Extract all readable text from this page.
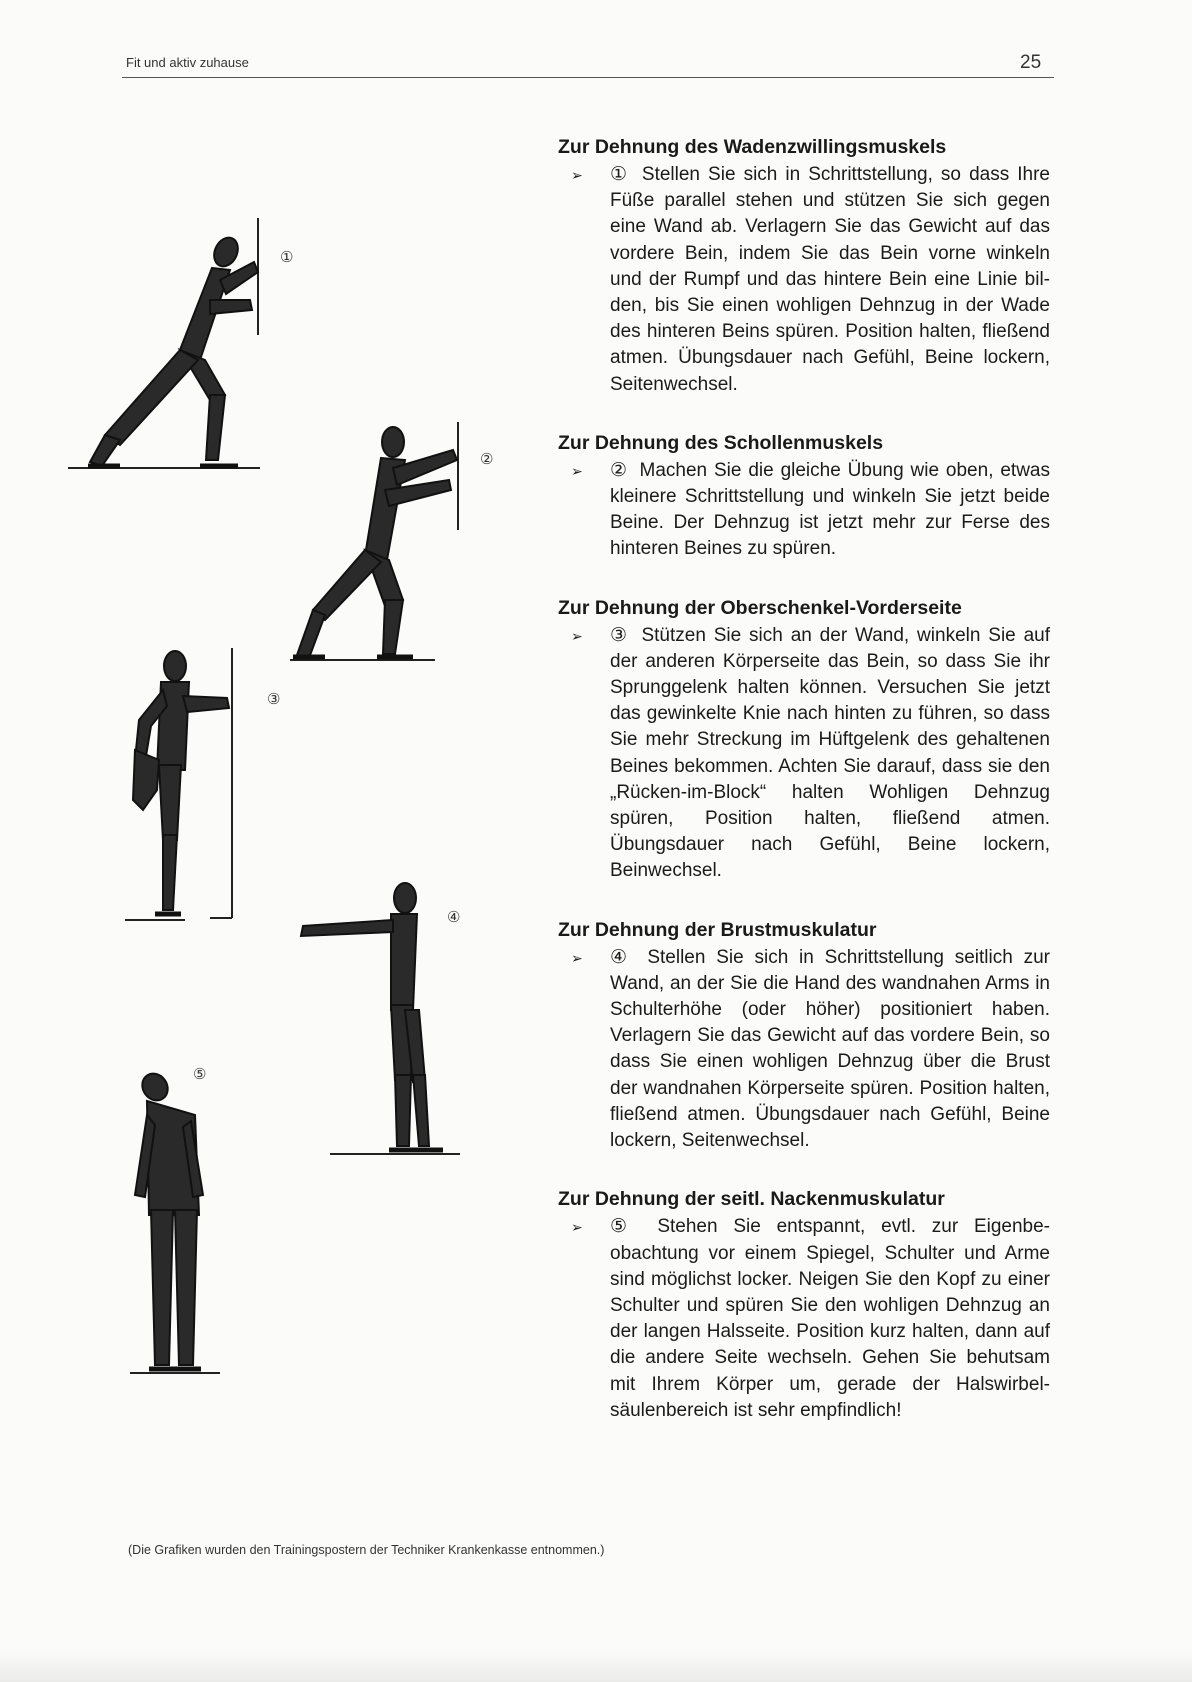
Fit und aktiv zuhause	25
①
②
③
④
⑤
Zur Dehnung des Wadenzwillingsmuskels
➢ ① Stellen Sie sich in Schrittstellung, so dass Ihre Füße parallel stehen und stützen Sie sich gegen eine Wand ab. Verlagern Sie das Gewicht auf das vordere Bein, indem Sie das Bein vorne winkeln und der Rumpf und das hintere Bein eine Linie bilden, bis Sie einen wohligen Dehnzug in der Wade des hinteren Beins spüren. Position halten, fließend atmen. Übungsdauer nach Gefühl, Beine lockern, Seitenwechsel.

Zur Dehnung des Schollenmuskels
➢ ② Machen Sie die gleiche Übung wie oben, etwas kleinere Schrittstellung und winkeln Sie jetzt beide Beine. Der Dehnzug ist jetzt mehr zur Ferse des hinteren Beines zu spüren.

Zur Dehnung der Oberschenkel-Vorderseite
➢ ③ Stützen Sie sich an der Wand, winkeln Sie auf der anderen Körperseite das Bein, so dass Sie ihr Sprunggelenk halten können. Versuchen Sie jetzt das gewinkelte Knie nach hinten zu führen, so dass Sie mehr Streckung im Hüftgelenk des gehaltenen Beines bekommen. Achten Sie darauf, dass sie den „Rücken-im-Block“ halten Wohligen Dehnzug spüren, Position halten, fließend atmen. Übungsdauer nach Gefühl, Beine lockern, Beinwechsel.

Zur Dehnung der Brustmuskulatur
➢ ④ Stellen Sie sich in Schrittstellung seitlich zur Wand, an der Sie die Hand des wandnahen Arms in Schulterhöhe (oder höher) positioniert haben. Verlagern Sie das Gewicht auf das vordere Bein, so dass Sie einen wohligen Dehnzug über die Brust der wandnahen Körperseite spüren. Position halten, fließend atmen. Übungsdauer nach Gefühl, Beine lockern, Seitenwechsel.

Zur Dehnung der seitl. Nackenmuskulatur
➢ ⑤ Stehen Sie entspannt, evtl. zur Eigenbeobachtung vor einem Spiegel, Schulter und Arme sind möglichst locker. Neigen Sie den Kopf zu einer Schulter und spüren Sie den wohligen Dehnzug an der langen Halsseite. Position kurz halten, dann auf die andere Seite wechseln. Gehen Sie behutsam mit Ihrem Körper um, gerade der Halswirbelsäulenbereich ist sehr empfindlich!

(Die Grafiken wurden den Trainingspostern der Techniker Krankenkasse entnommen.)
